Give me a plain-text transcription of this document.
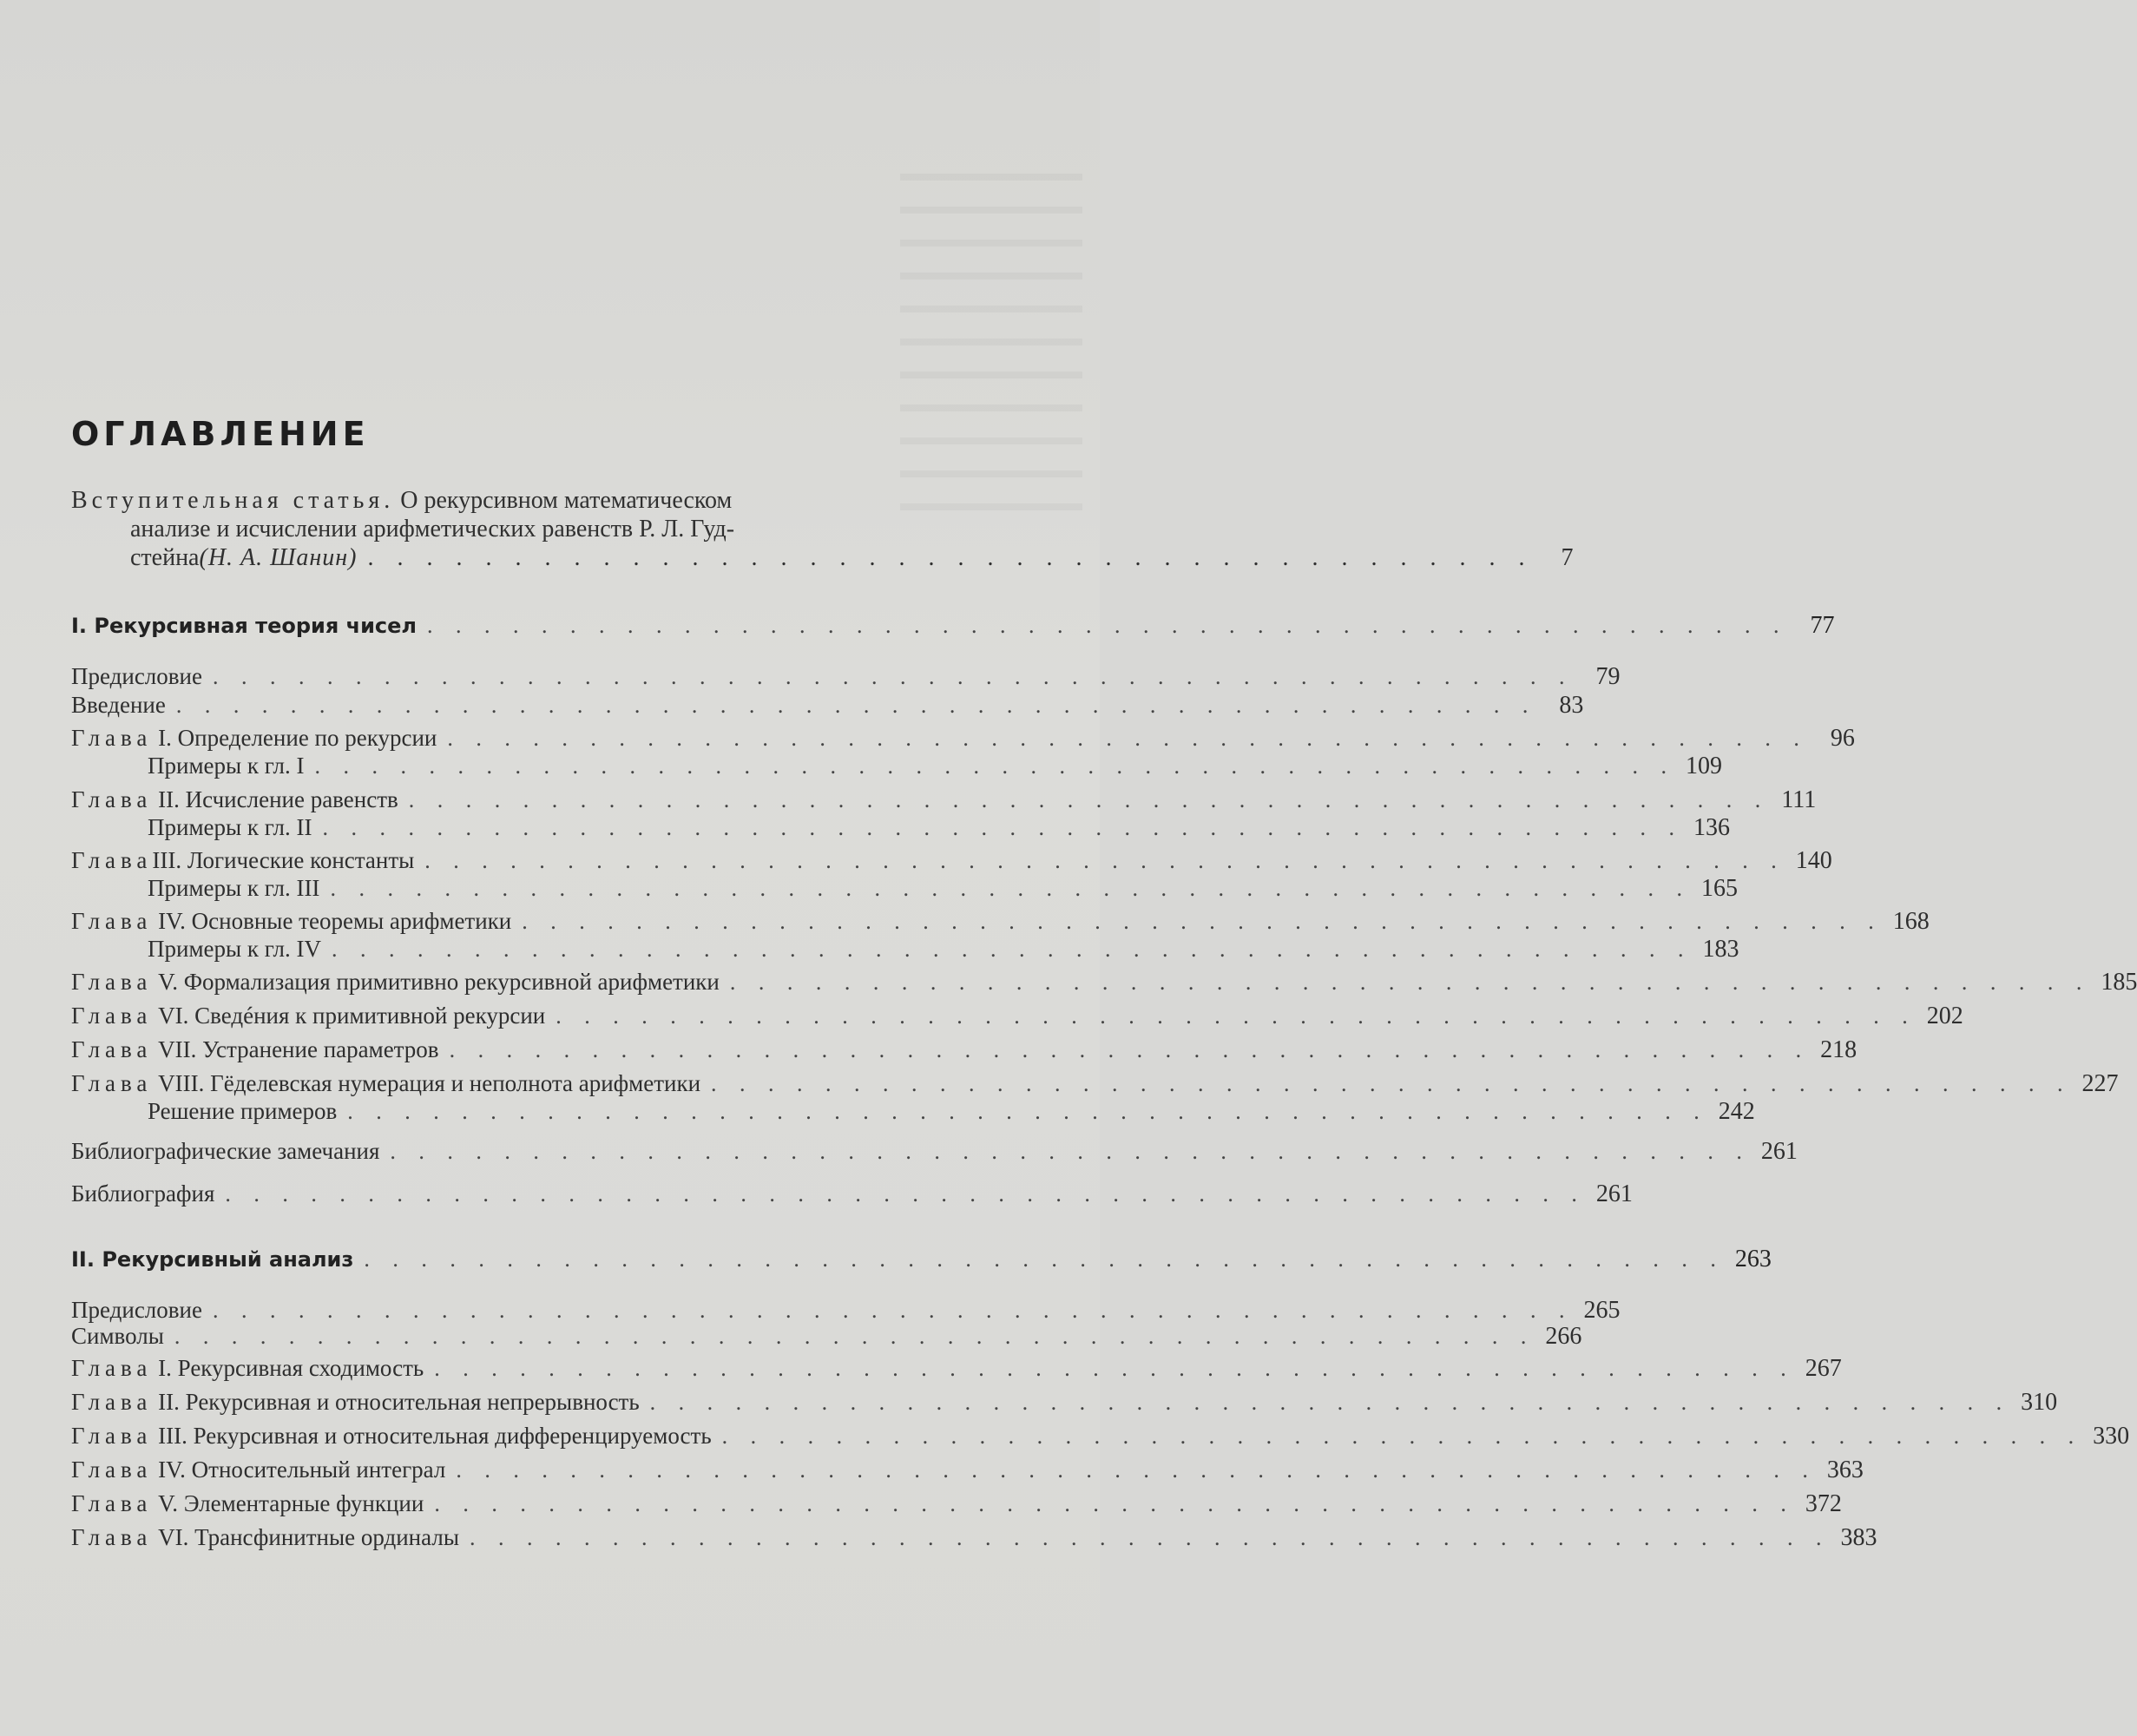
ОГЛАВЛЕНИЕ
Вступительная статья. О рекурсивном математическом
анализе и исчислении арифметических равенств Р. Л. Гуд-
стейна (Н. А. Шанин) . . . . . . . . . . . . . . . . . . . . . . . . . . . . . . . . . . . . . . . .	7
I. Рекурсивная теория чисел . . . . . . . . . . . . . . . . . . . . . . . . . . . . . . . . . . . . . . . . . . . . . . . . 77
Предисловие . . . . . . . . . . . . . . . . . . . . . . . . . . . . . . . . . . . . . . . . . . . . . . . . 79
Введение . . . . . . . . . . . . . . . . . . . . . . . . . . . . . . . . . . . . . . . . . . . . . . . . 83
Глава I. Определение по рекурсии . . . . . . . . . . . . . . . . . . . . . . . . . . . . . . . . . . . . . . . . . . . . . . . . 96
Примеры к гл. I . . . . . . . . . . . . . . . . . . . . . . . . . . . . . . . . . . . . . . . . . . . . . . . . 109
Глава II. Исчисление равенств . . . . . . . . . . . . . . . . . . . . . . . . . . . . . . . . . . . . . . . . . . . . . . . . 111
Примеры к гл. II . . . . . . . . . . . . . . . . . . . . . . . . . . . . . . . . . . . . . . . . . . . . . . . . 136
ГлаваIII. Логические константы . . . . . . . . . . . . . . . . . . . . . . . . . . . . . . . . . . . . . . . . . . . . . . . . 140
Примеры к гл. III . . . . . . . . . . . . . . . . . . . . . . . . . . . . . . . . . . . . . . . . . . . . . . . . 165
Глава IV. Основные теоремы арифметики . . . . . . . . . . . . . . . . . . . . . . . . . . . . . . . . . . . . . . . . . . . . . . . . 168
Примеры к гл. IV . . . . . . . . . . . . . . . . . . . . . . . . . . . . . . . . . . . . . . . . . . . . . . . . 183
Глава V. Формализация примитивно рекурсивной арифметики . . . . . . . . . . . . . . . . . . . . . . . . . . . . . . . . . . . . . . . . . . . . . . . . 185
Глава VI. Сведéния к примитивной рекурсии . . . . . . . . . . . . . . . . . . . . . . . . . . . . . . . . . . . . . . . . . . . . . . . . 202
Глава VII. Устранение параметров . . . . . . . . . . . . . . . . . . . . . . . . . . . . . . . . . . . . . . . . . . . . . . . . 218
Глава VIII. Гёделевская нумерация и неполнота арифметики . . . . . . . . . . . . . . . . . . . . . . . . . . . . . . . . . . . . . . . . . . . . . . . . 227
Решение примеров . . . . . . . . . . . . . . . . . . . . . . . . . . . . . . . . . . . . . . . . . . . . . . . . 242
Библиографические замечания . . . . . . . . . . . . . . . . . . . . . . . . . . . . . . . . . . . . . . . . . . . . . . . . 261
Библиография . . . . . . . . . . . . . . . . . . . . . . . . . . . . . . . . . . . . . . . . . . . . . . . . 261
II. Рекурсивный анализ . . . . . . . . . . . . . . . . . . . . . . . . . . . . . . . . . . . . . . . . . . . . . . . . 263
Предисловие . . . . . . . . . . . . . . . . . . . . . . . . . . . . . . . . . . . . . . . . . . . . . . . . 265
Символы . . . . . . . . . . . . . . . . . . . . . . . . . . . . . . . . . . . . . . . . . . . . . . . . 266
Глава I. Рекурсивная сходимость . . . . . . . . . . . . . . . . . . . . . . . . . . . . . . . . . . . . . . . . . . . . . . . . 267
Глава II. Рекурсивная и относительная непрерывность . . . . . . . . . . . . . . . . . . . . . . . . . . . . . . . . . . . . . . . . . . . . . . . . 310
Глава III. Рекурсивная и относительная дифференцируемость . . . . . . . . . . . . . . . . . . . . . . . . . . . . . . . . . . . . . . . . . . . . . . . . 330
Глава IV. Относительный интеграл . . . . . . . . . . . . . . . . . . . . . . . . . . . . . . . . . . . . . . . . . . . . . . . . 363
Глава V. Элементарные функции . . . . . . . . . . . . . . . . . . . . . . . . . . . . . . . . . . . . . . . . . . . . . . . . 372
Глава VI. Трансфинитные ординалы . . . . . . . . . . . . . . . . . . . . . . . . . . . . . . . . . . . . . . . . . . . . . . . . 383
